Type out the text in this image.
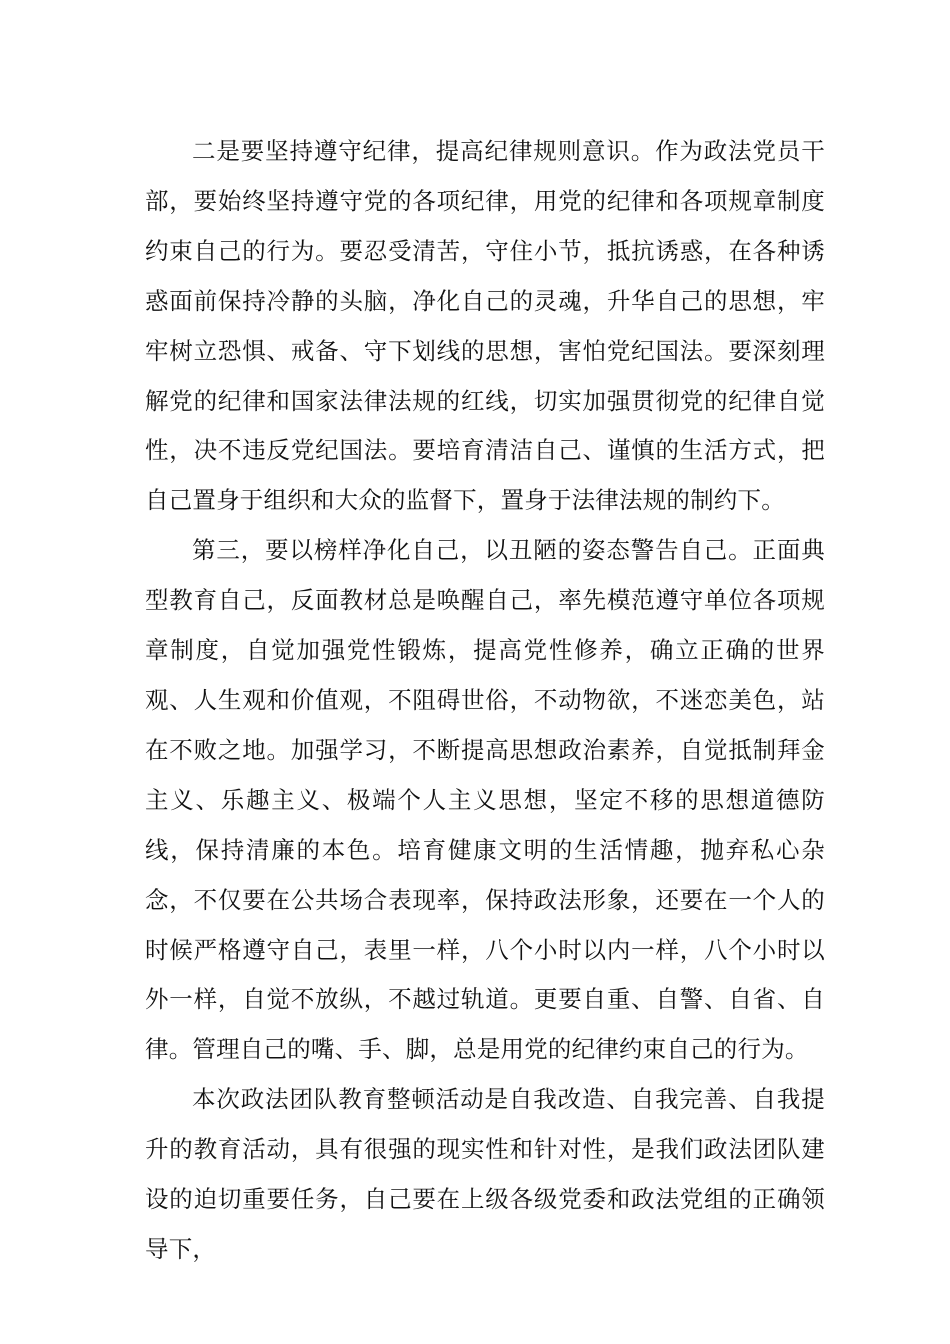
二是要坚持遵守纪律，提高纪律规则意识。作为政法党员干部，要始终坚持遵守党的各项纪律，用党的纪律和各项规章制度约束自己的行为。要忍受清苦，守住小节，抵抗诱惑，在各种诱惑面前保持冷静的头脑，净化自己的灵魂，升华自己的思想，牢牢树立恐惧、戒备、守下划线的思想，害怕党纪国法。要深刻理解党的纪律和国家法律法规的红线，切实加强贯彻党的纪律自觉性，决不违反党纪国法。要培育清洁自己、谨慎的生活方式，把自己置身于组织和大众的监督下，置身于法律法规的制约下。

第三，要以榜样净化自己，以丑陋的姿态警告自己。正面典型教育自己，反面教材总是唤醒自己，率先模范遵守单位各项规章制度，自觉加强党性锻炼，提高党性修养，确立正确的世界观、人生观和价值观，不阻碍世俗，不动物欲，不迷恋美色，站在不败之地。加强学习，不断提高思想政治素养，自觉抵制拜金主义、乐趣主义、极端个人主义思想，坚定不移的思想道德防线，保持清廉的本色。培育健康文明的生活情趣，抛弃私心杂念，不仅要在公共场合表现率，保持政法形象，还要在一个人的时候严格遵守自己，表里一样，八个小时以内一样，八个小时以外一样，自觉不放纵，不越过轨道。更要自重、自警、自省、自律。管理自己的嘴、手、脚，总是用党的纪律约束自己的行为。

本次政法团队教育整顿活动是自我改造、自我完善、自我提升的教育活动，具有很强的现实性和针对性，是我们政法团队建设的迫切重要任务，自己要在上级各级党委和政法党组的正确领导下，
